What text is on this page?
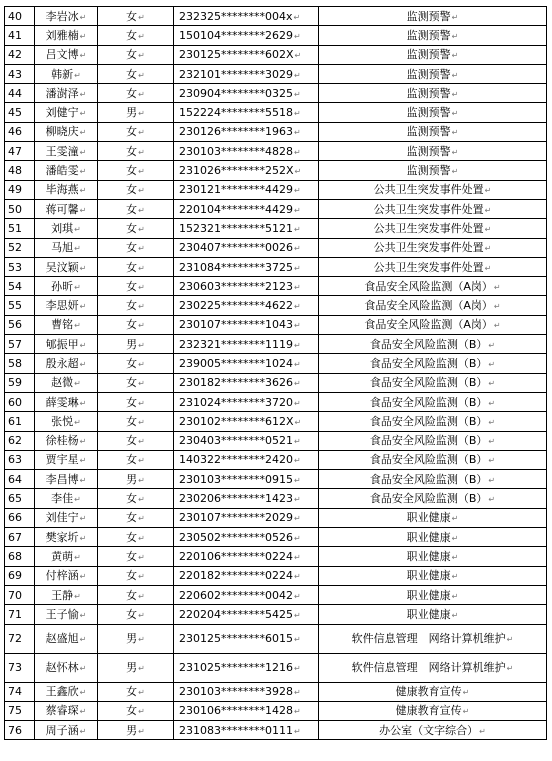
40	李岩冰↵	女↵	232325********004x↵	监测预警↵
41	刘雅楠↵	女↵	150104********2629↵	监测预警↵
42	吕文博↵	女↵	230125********602X↵	监测预警↵
43	韩新↵	女↵	232101********3029↵	监测预警↵
44	潘澍泽↵	女↵	230904********0325↵	监测预警↵
45	刘健宁↵	男↵	152224********5518↵	监测预警↵
46	柳晓庆↵	女↵	230126********1963↵	监测预警↵
47	王雯潼↵	女↵	230103********4828↵	监测预警↵
48	潘皓雯↵	女↵	231026********252X↵	监测预警↵
49	毕海燕↵	女↵	230121********4429↵	公共卫生突发事件处置↵
50	蒋可馨↵	女↵	220104********4429↵	公共卫生突发事件处置↵
51	刘琪↵	女↵	152321********5121↵	公共卫生突发事件处置↵
52	马旭↵	女↵	230407********0026↵	公共卫生突发事件处置↵
53	吴汶颖↵	女↵	231084********3725↵	公共卫生突发事件处置↵
54	孙昕↵	女↵	230603********2123↵	食品安全风险监测（A岗）↵
55	李思妍↵	女↵	230225********4622↵	食品安全风险监测（A岗）↵
56	曹铭↵	女↵	230107********1043↵	食品安全风险监测（A岗）↵
57	郇振甲↵	男↵	232321********1119↵	食品安全风险监测（B）↵
58	殷永超↵	女↵	239005********1024↵	食品安全风险监测（B）↵
59	赵微↵	女↵	230182********3626↵	食品安全风险监测（B）↵
60	薛雯琳↵	女↵	231024********3720↵	食品安全风险监测（B）↵
61	张悦↵	女↵	230102********612X↵	食品安全风险监测（B）↵
62	徐桂杨↵	女↵	230403********0521↵	食品安全风险监测（B）↵
63	贾宇星↵	女↵	140322********2420↵	食品安全风险监测（B）↵
64	李昌博↵	男↵	230103********0915↵	食品安全风险监测（B）↵
65	李佳↵	女↵	230206********1423↵	食品安全风险监测（B）↵
66	刘佳宁↵	女↵	230107********2029↵	职业健康↵
67	樊家圻↵	女↵	230502********0526↵	职业健康↵
68	黄萌↵	女↵	220106********0224↵	职业健康↵
69	付梓涵↵	女↵	220182********0224↵	职业健康↵
70	王静↵	女↵	220602********0042↵	职业健康↵
71	王子愉↵	女↵	220204********5425↵	职业健康↵
72	赵盛旭↵	男↵	230125********6015↵	软件信息管理　网络计算机维护↵
73	赵怀林↵	男↵	231025********1216↵	软件信息管理　网络计算机维护↵
74	王鑫欣↵	女↵	230103********3928↵	健康教育宣传↵
75	蔡睿琛↵	女↵	230106********1428↵	健康教育宣传↵
76	周子涵↵	男↵	231083********0111↵	办公室（文字综合）↵
